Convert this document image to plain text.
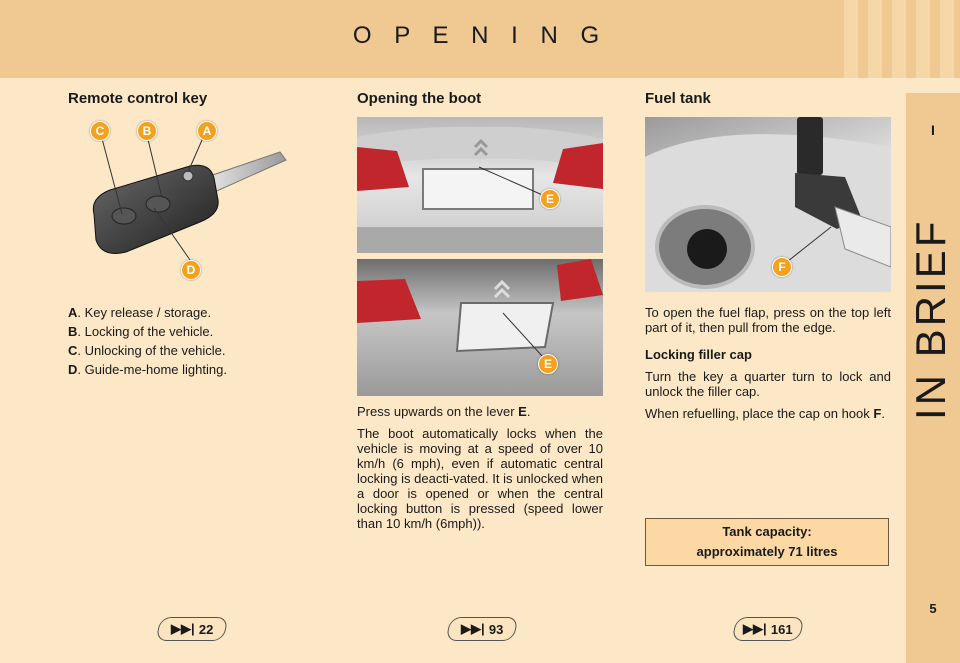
O P E N I N G
I
IN BRIEF
5
Remote control key
C	B	A
D
A. Key release / storage.
B. Locking of the vehicle.
C. Unlocking of the vehicle.
D. Guide-me-home lighting.
▶▶| 22
Opening the boot
E
E

Press upwards on the lever E.

The boot automatically locks when the vehicle is moving at a speed of over 10 km/h (6 mph), even if automatic central locking is deacti-vated. It is unlocked when a door is opened or when the central locking button is pressed (speed lower than 10 km/h (6mph)).

▶▶| 93
Fuel tank
F

To open the fuel flap, press on the top left part of it, then pull from the edge.

Locking filler cap

Turn the key a quarter turn to lock and unlock the filler cap.

When refuelling, place the cap on hook F.

Tank capacity:
approximately 71 litres
▶▶| 161
